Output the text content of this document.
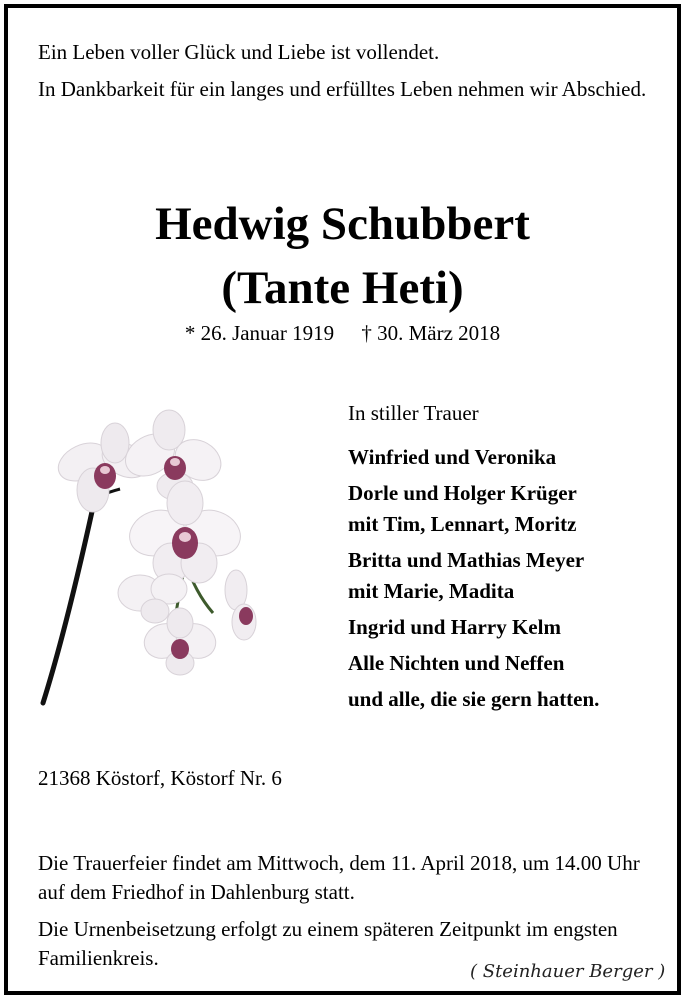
Ein Leben voller Glück und Liebe ist vollendet.

In Dankbarkeit für ein langes und erfülltes Leben nehmen wir Abschied.

Hedwig Schubbert
(Tante Heti)
* 26. Januar 1919 † 30. März 2018
In stiller Trauer
Winfried und Veronika
Dorle und Holger Krüger
mit Tim, Lennart, Moritz
Britta und Mathias Meyer
mit Marie, Madita
Ingrid und Harry Kelm
Alle Nichten und Neffen
und alle, die sie gern hatten.
21368 Köstorf, Köstorf Nr. 6

Die Trauerfeier findet am Mittwoch, dem 11. April 2018, um 14.00 Uhr auf dem Friedhof in Dahlenburg statt.

Die Urnenbeisetzung erfolgt zu einem späteren Zeitpunkt im engsten Familienkreis.

( Steinhauer Berger )
